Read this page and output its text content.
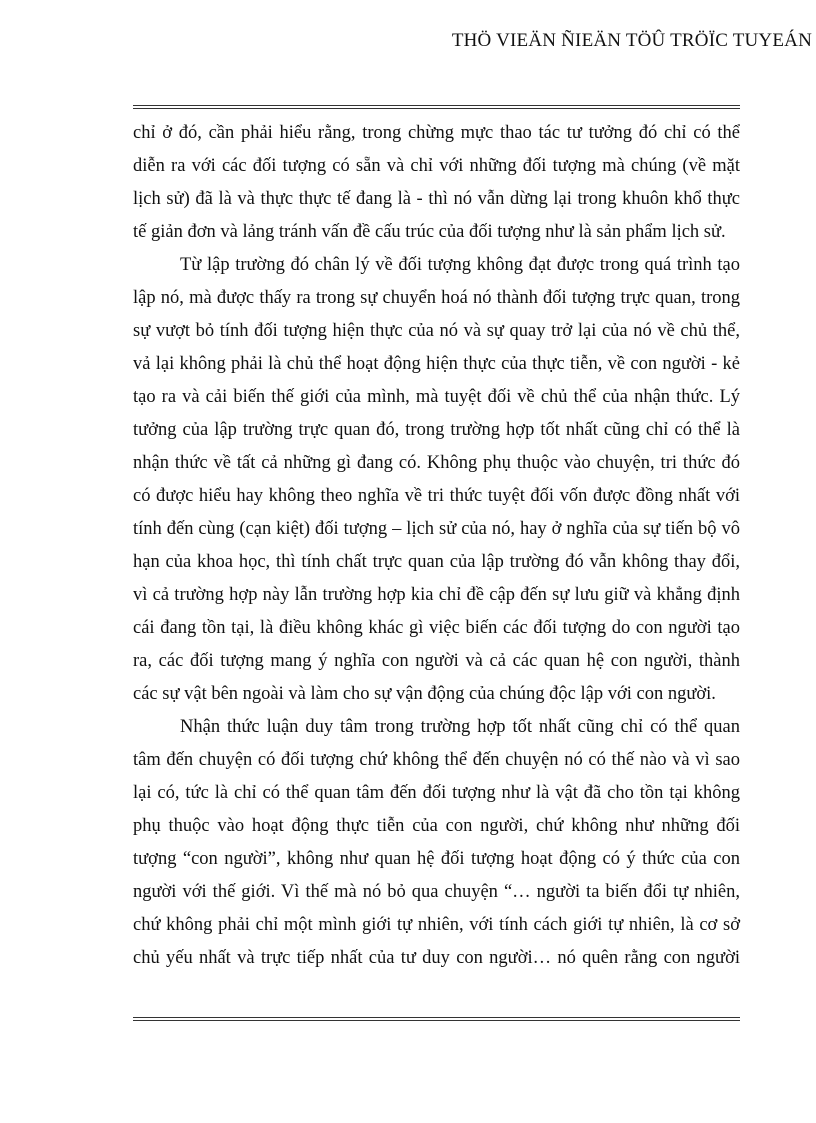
THÖ VIEÄN ÑIEÄN TÖÛ TRÖÏC TUYEÁN
chỉ ở đó, cần phải hiểu rằng, trong chừng mực thao tác tư tưởng đó chỉ có thể
diễn ra với các đối tượng có sẵn và chỉ với những đối tượng mà chúng (về mặt
lịch sử) đã là và thực thực tế đang là - thì nó vẫn dừng lại trong khuôn khổ thực
tế giản đơn và lảng tránh vấn đề cấu trúc của đối tượng như là sản phẩm lịch sử.
Từ lập trường đó chân lý về đối tượng không đạt được trong quá trình tạo
lập nó, mà được thấy ra trong sự chuyển hoá nó thành đối tượng trực quan, trong
sự vượt bỏ tính đối tượng hiện thực của nó và sự quay trở lại của nó về chủ thể,
vả lại không phải là chủ thể hoạt động hiện thực của thực tiễn, về con người - kẻ
tạo ra và cải biến thế giới của mình, mà tuyệt đối về chủ thể của nhận thức. Lý
tưởng của lập trường trực quan đó, trong trường hợp tốt nhất cũng chỉ có thể là
nhận thức về tất cả những gì đang có. Không phụ thuộc vào chuyện, tri thức đó
có được hiểu hay không theo nghĩa về tri thức tuyệt đối vốn được đồng nhất với
tính đến cùng (cạn kiệt) đối tượng – lịch sử của nó, hay ở nghĩa của sự tiến bộ vô
hạn của khoa học, thì tính chất trực quan của lập trường đó vẫn không thay đổi,
vì cả trường hợp này lẫn trường hợp kia chỉ đề cập đến sự lưu giữ và khẳng định
cái đang tồn tại, là điều không khác gì việc biến các đối tượng do con người tạo
ra, các đối tượng mang ý nghĩa con người và cả các quan hệ con người, thành
các sự vật bên ngoài và làm cho sự vận động của chúng độc lập với con người.
Nhận thức luận duy tâm trong trường hợp tốt nhất cũng chỉ có thể quan
tâm đến chuyện có đối tượng chứ không thể đến chuyện nó có thế nào và vì sao
lại có, tức là chỉ có thể quan tâm đến đối tượng như là vật đã cho tồn tại không
phụ thuộc vào hoạt động thực tiễn của con người, chứ không như những đối
tượng “con người”, không như quan hệ đối tượng hoạt động có ý thức của con
người với thế giới. Vì thế mà nó bỏ qua chuyện “… người ta biến đổi tự nhiên,
chứ không phải chỉ một mình giới tự nhiên, với tính cách giới tự nhiên, là cơ sở
chủ yếu nhất và trực tiếp nhất của tư duy con người… nó quên rằng con người
